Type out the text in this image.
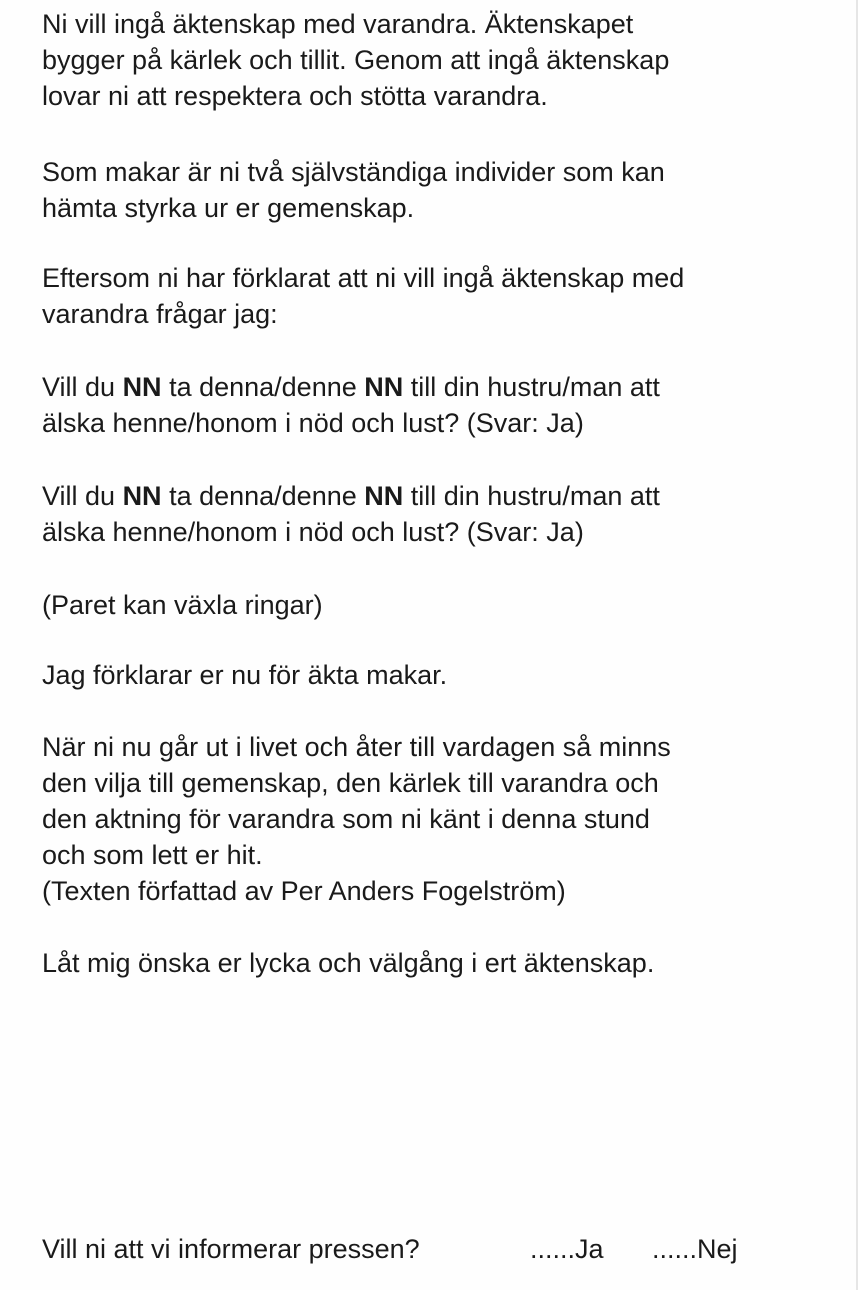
Ni vill ingå äktenskap med varandra. Äktenskapet
bygger på kärlek och tillit. Genom att ingå äktenskap
lovar ni att respektera och stötta varandra.
Som makar är ni två självständiga individer som kan
hämta styrka ur er gemenskap.
Eftersom ni har förklarat att ni vill ingå äktenskap med
varandra frågar jag:
Vill du NN ta denna/denne NN till din hustru/man att
älska henne/honom i nöd och lust? (Svar: Ja)
Vill du NN ta denna/denne NN till din hustru/man att
älska henne/honom i nöd och lust? (Svar: Ja)
(Paret kan växla ringar)
Jag förklarar er nu för äkta makar.
När ni nu går ut i livet och åter till vardagen så minns
den vilja till gemenskap, den kärlek till varandra och
den aktning för varandra som ni känt i denna stund
och som lett er hit.
(Texten författad av Per Anders Fogelström)
Låt mig önska er lycka och välgång i ert äktenskap.
Vill ni att vi informerar pressen?	......Ja ......Nej
